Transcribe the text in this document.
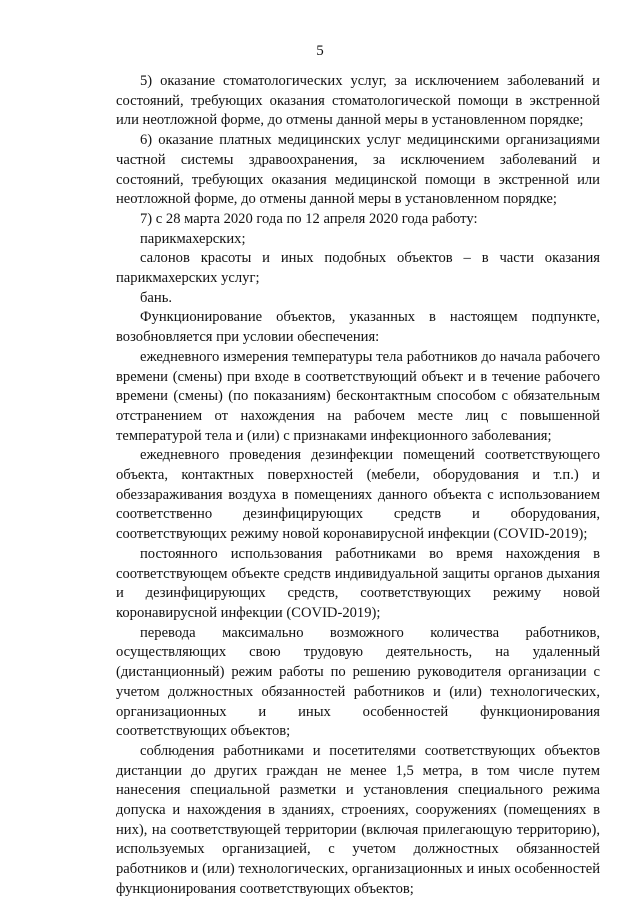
5

5) оказание стоматологических услуг, за исключением заболеваний и состояний, требующих оказания стоматологической помощи в экстренной или неотложной форме, до отмены данной меры в установленном порядке;

6) оказание платных медицинских услуг медицинскими организациями частной системы здравоохранения, за исключением заболеваний и состояний, требующих оказания медицинской помощи в экстренной или неотложной форме, до отмены данной меры в установленном порядке;

7) с 28 марта 2020 года по 12 апреля 2020 года работу:

парикмахерских;

салонов красоты и иных подобных объектов – в части оказания парикмахерских услуг;

бань.

Функционирование объектов, указанных в настоящем подпункте, возобновляется при условии обеспечения:

ежедневного измерения температуры тела работников до начала рабочего времени (смены) при входе в соответствующий объект и в течение рабочего времени (смены) (по показаниям) бесконтактным способом с обязательным отстранением от нахождения на рабочем месте лиц с повышенной температурой тела и (или) с признаками инфекционного заболевания;

ежедневного проведения дезинфекции помещений соответствующего объекта, контактных поверхностей (мебели, оборудования и т.п.) и обеззараживания воздуха в помещениях данного объекта с использованием соответственно дезинфицирующих средств и оборудования, соответствующих режиму новой коронавирусной инфекции (COVID-2019);

постоянного использования работниками во время нахождения в соответствующем объекте средств индивидуальной защиты органов дыхания и дезинфицирующих средств, соответствующих режиму новой коронавирусной инфекции (COVID-2019);

перевода максимально возможного количества работников, осуществляющих свою трудовую деятельность, на удаленный (дистанционный) режим работы по решению руководителя организации с учетом должностных обязанностей работников и (или) технологических, организационных и иных особенностей функционирования соответствующих объектов;

соблюдения работниками и посетителями соответствующих объектов дистанции до других граждан не менее 1,5 метра, в том числе путем нанесения специальной разметки и установления специального режима допуска и нахождения в зданиях, строениях, сооружениях (помещениях в них), на соответствующей территории (включая прилегающую территорию), используемых организацией, с учетом должностных обязанностей работников и (или) технологических, организационных и иных особенностей функционирования соответствующих объектов;
